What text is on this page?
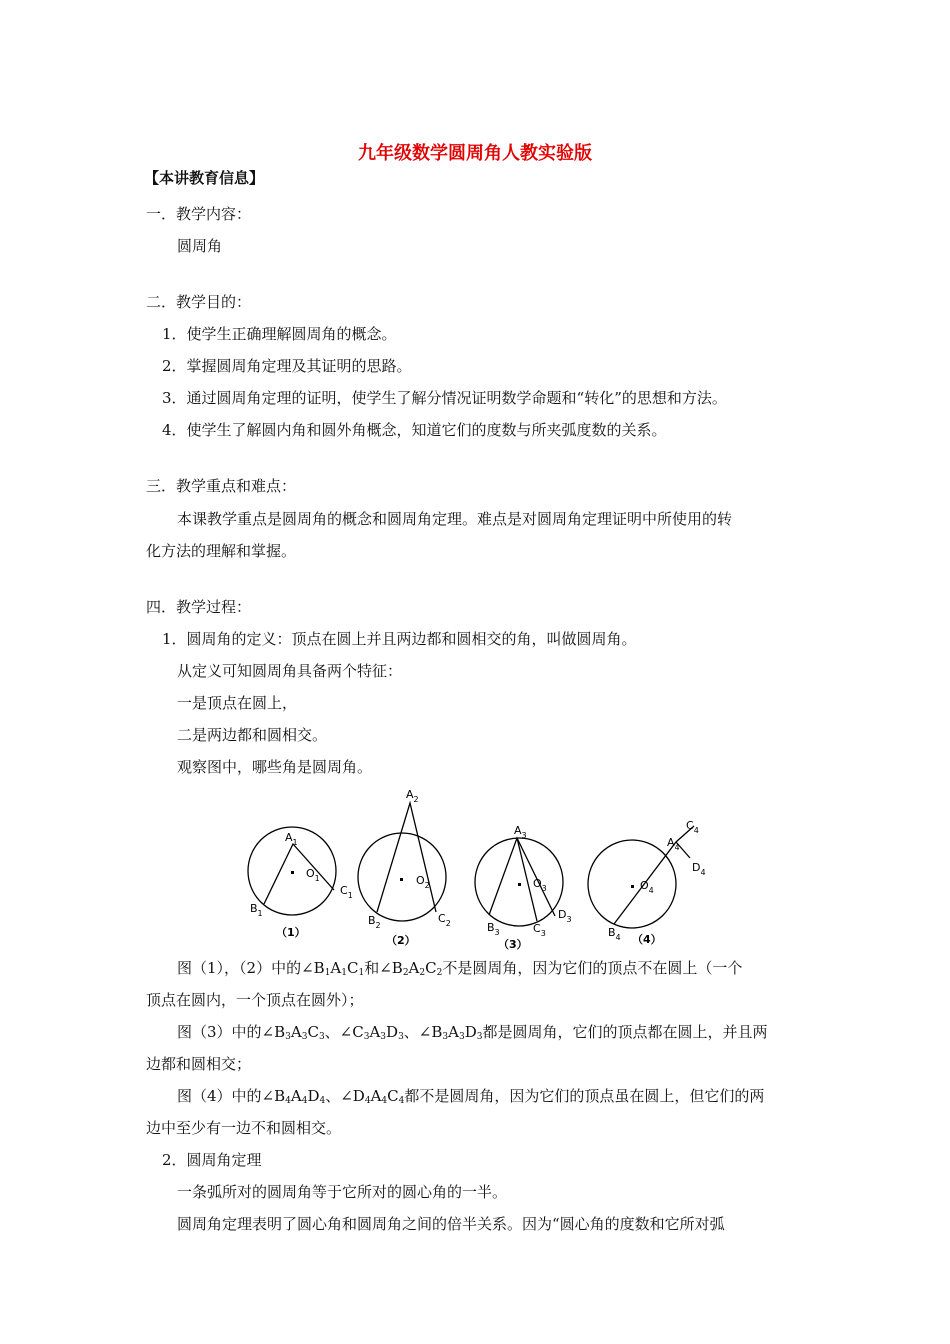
九年级数学圆周角人教实验版
【本讲教育信息】
一．教学内容：
圆周角
二．教学目的：
1．使学生正确理解圆周角的概念。
2．掌握圆周角定理及其证明的思路。
3．通过圆周角定理的证明，使学生了解分情况证明数学命题和“转化”的思想和方法。
4．使学生了解圆内角和圆外角概念，知道它们的度数与所夹弧度数的关系。
三．教学重点和难点：
本课教学重点是圆周角的概念和圆周角定理。难点是对圆周角定理证明中所使用的转
化方法的理解和掌握。
四．教学过程：
1．圆周角的定义：顶点在圆上并且两边都和圆相交的角，叫做圆周角。
从定义可知圆周角具备两个特征：
一是顶点在圆上，
二是两边都和圆相交。
观察图中，哪些角是圆周角。
$A_1$
$O_1$
$C_1$
$B_1$
（1）
$A_2$
$O_2$
$C_2$
$B_2$
（2）
$A_3$
$O_3$
$D_3$
$C_3$
$B_3$
（3）
$C_4$
$A_4$
$D_4$
$O_4$
$B_4$ （4）
图（1），（2）中的$\angle B_1A_1C_1$和$\angle B_2A_2C_2$不是圆周角，因为它们的顶点不在圆上（一个
顶点在圆内，一个顶点在圆外）；
图（3）中的$\angle B_3A_3C_3$、$\angle C_3A_3D_3$、$\angle B_3A_3D_3$都是圆周角，它们的顶点都在圆上，并且两
边都和圆相交；
图（4）中的$\angle B_4A_4D_4$、$\angle D_4A_4C_4$都不是圆周角，因为它们的顶点虽在圆上，但它们的两
边中至少有一边不和圆相交。
2．圆周角定理
一条弧所对的圆周角等于它所对的圆心角的一半。
圆周角定理表明了圆心角和圆周角之间的倍半关系。因为“圆心角的度数和它所对弧
